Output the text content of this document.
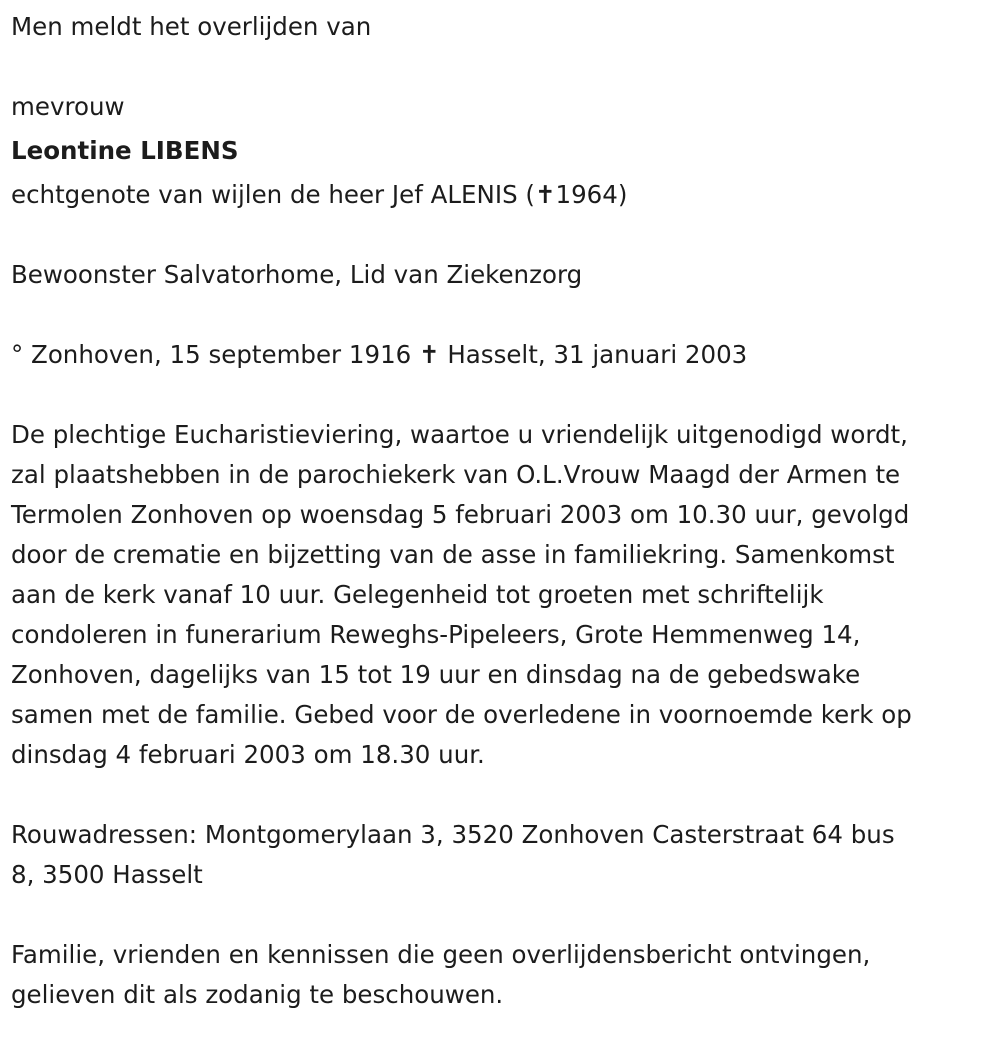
Men meldt het overlijden van
mevrouw
Leontine LIBENS
echtgenote van wijlen de heer Jef ALENIS (✝1964)
Bewoonster Salvatorhome, Lid van Ziekenzorg
° Zonhoven, 15 september 1916 ✝ Hasselt, 31 januari 2003
De plechtige Eucharistieviering, waartoe u vriendelijk uitgenodigd wordt,
zal plaatshebben in de parochiekerk van O.L.Vrouw Maagd der Armen te
Termolen Zonhoven op woensdag 5 februari 2003 om 10.30 uur, gevolgd
door de crematie en bijzetting van de asse in familiekring. Samenkomst
aan de kerk vanaf 10 uur. Gelegenheid tot groeten met schriftelijk
condoleren in funerarium Reweghs-Pipeleers, Grote Hemmenweg 14,
Zonhoven, dagelijks van 15 tot 19 uur en dinsdag na de gebedswake
samen met de familie. Gebed voor de overledene in voornoemde kerk op
dinsdag 4 februari 2003 om 18.30 uur.
Rouwadressen: Montgomerylaan 3, 3520 Zonhoven Casterstraat 64 bus
8, 3500 Hasselt
Familie, vrienden en kennissen die geen overlijdensbericht ontvingen,
gelieven dit als zodanig te beschouwen.
